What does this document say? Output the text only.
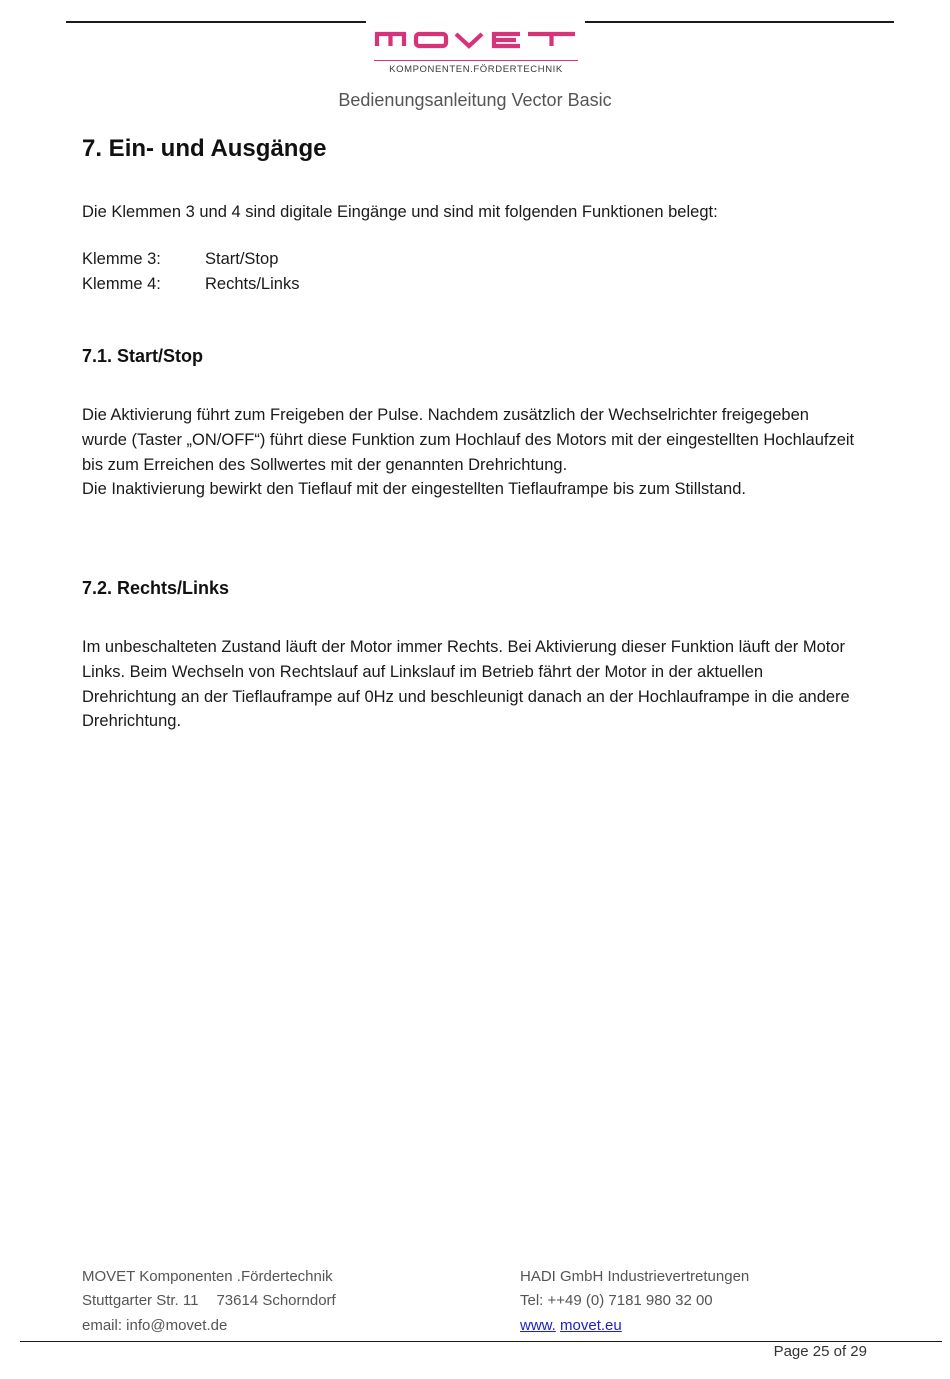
KOMPONENTEN.FÖRDERTECHNIK
Bedienungsanleitung Vector Basic
7. Ein- und Ausgänge
Die Klemmen 3 und 4 sind digitale Eingänge und sind mit folgenden Funktionen belegt:
Klemme 3:	Start/Stop
Klemme 4:	Rechts/Links
7.1. Start/Stop
Die Aktivierung führt zum Freigeben der Pulse. Nachdem zusätzlich der Wechselrichter freigegeben
wurde (Taster „ON/OFF“) führt diese Funktion zum Hochlauf des Motors mit der eingestellten Hochlaufzeit
bis zum Erreichen des Sollwertes mit der genannten Drehrichtung.
Die Inaktivierung bewirkt den Tieflauf mit der eingestellten Tieflauframpe bis zum Stillstand.
7.2. Rechts/Links
Im unbeschalteten Zustand läuft der Motor immer Rechts. Bei Aktivierung dieser Funktion läuft der Motor
Links. Beim Wechseln von Rechtslauf auf Linkslauf im Betrieb fährt der Motor in der aktuellen
Drehrichtung an der Tieflauframpe auf 0Hz und beschleunigt danach an der Hochlauframpe in die andere
Drehrichtung.
MOVET Komponenten .Fördertechnik
Stuttgarter Str. 11 73614 Schorndorf
email: info@movet.de
HADI GmbH Industrievertretungen
Tel: ++49 (0) 7181 980 32 00
www. movet.eu
Page 25 of 29
